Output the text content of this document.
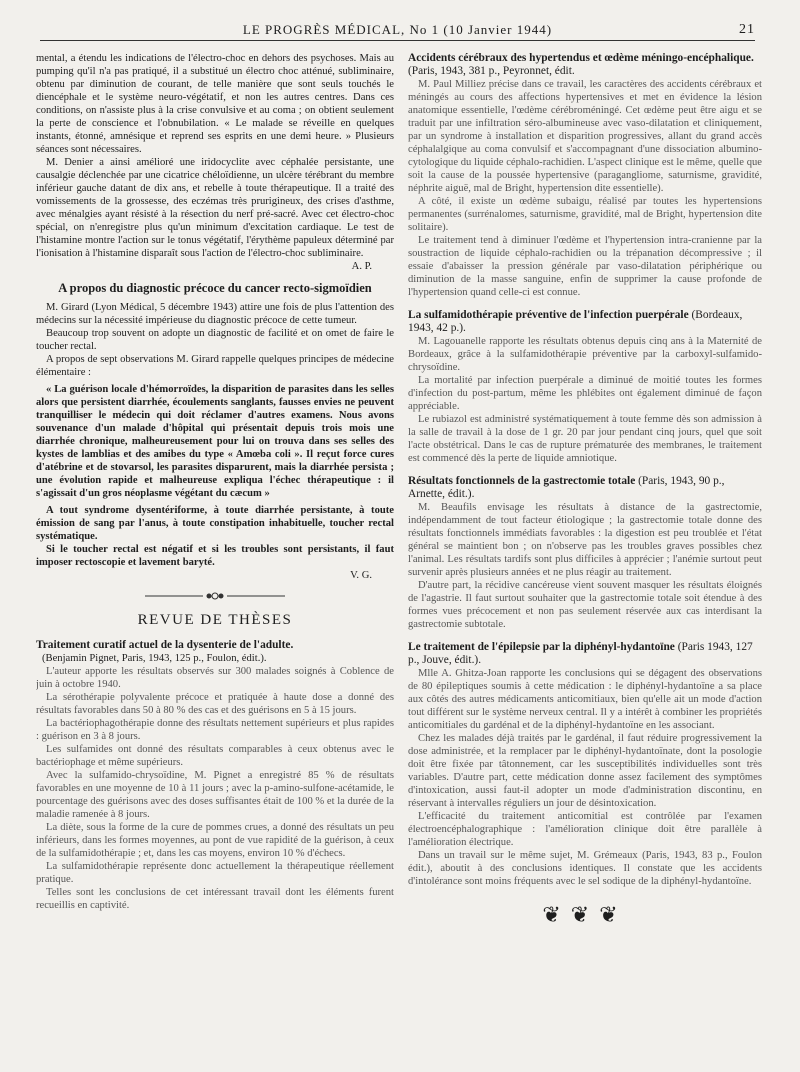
LE PROGRÈS MÉDICAL, No 1 (10 Janvier 1944)	21

mental, a étendu les indications de l'électro-choc en dehors des psychoses. Mais au pumping qu'il n'a pas pratiqué, il a substitué un électro choc atténué, subliminaire, obtenu par diminution de courant, de telle manière que sont seuls touchés le diencéphale et le système neuro-végétatif, et non les autres centres. Dans ces conditions, on n'assiste plus à la crise convulsive et au coma ; on obtient seulement la perte de conscience et l'obnubilation. « Le malade se réveille en quelques instants, étonné, amnésique et reprend ses esprits en une demi heure. » Plusieurs séances sont nécessaires.

M. Denier a ainsi amélioré une iridocyclite avec céphalée persistante, une causalgie déclenchée par une cicatrice chéloïdienne, un ulcère térébrant du membre inférieur gauche datant de dix ans, et rebelle à toute thérapeutique. Il a traité des vomissements de la grossesse, des eczémas très prurigineux, des crises d'asthme, avec ménalgies ayant résisté à la résection du nerf pré-sacré. Avec cet électro-choc spécial, on n'enregistre plus qu'un minimum d'excitation cardiaque. Le test de l'histamine montre l'action sur le tonus végétatif, l'érythème papuleux déterminé par l'ionisation à l'histamine disparaît sous l'action de l'électro-choc subliminaire.

A. P.
A propos du diagnostic précoce du cancer recto-sigmoïdien

M. Girard (Lyon Médical, 5 décembre 1943) attire une fois de plus l'attention des médecins sur la nécessité impérieuse du diagnostic précoce de cette tumeur.

Beaucoup trop souvent on adopte un diagnostic de facilité et on omet de faire le toucher rectal.

A propos de sept observations M. Girard rappelle quelques principes de médecine élémentaire :

« La guérison locale d'hémorroïdes, la disparition de parasites dans les selles alors que persistent diarrhée, écoulements sanglants, fausses envies ne peuvent tranquilliser le médecin qui doit réclamer d'autres examens. Nous avons souvenance d'un malade d'hôpital qui présentait depuis trois mois une diarrhée chronique, malheureusement pour lui on trouva dans ses selles des kystes de lamblias et des amibes du type « Amœba coli ». Il reçut force cures d'atébrine et de stovarsol, les parasites disparurent, mais la diarrhée persista ; une évolution rapide et malheureuse expliqua l'échec thérapeutique : il s'agissait d'un gros néoplasme végétant du cæcum »

A tout syndrome dysentériforme, à toute diarrhée persistante, à toute émission de sang par l'anus, à toute constipation inhabituelle, toucher rectal systématique.

Si le toucher rectal est négatif et si les troubles sont persistants, il faut imposer rectoscopie et lavement baryté.

V. G.
REVUE DE THÈSES
Traitement curatif actuel de la dysenterie de l'adulte.

(Benjamin Pignet, Paris, 1943, 125 p., Foulon, édit.).

L'auteur apporte les résultats observés sur 300 malades soignés à Coblence de juin à octobre 1940.

La sérothérapie polyvalente précoce et pratiquée à haute dose a donné des résultats favorables dans 50 à 80 % des cas et des guérisons en 5 à 15 jours.

La bactériophagothérapie donne des résultats nettement supérieurs et plus rapides : guérison en 3 à 8 jours.

Les sulfamides ont donné des résultats comparables à ceux obtenus avec le bactériophage et même supérieurs.

Avec la sulfamido-chrysoïdine, M. Pignet a enregistré 85 % de résultats favorables en une moyenne de 10 à 11 jours ; avec la p-amino-sulfone-acétamide, le pourcentage des guérisons avec des doses suffisantes était de 100 % et la durée de la maladie ramenée à 8 jours.

La diète, sous la forme de la cure de pommes crues, a donné des résultats un peu inférieurs, dans les formes moyennes, au pont de vue rapidité de la guérison, à ceux de la sulfamidothérapie ; et, dans les cas moyens, environ 10 % d'échecs.

La sulfamidothérapie représente donc actuellement la thérapeutique réellement pratique.

Telles sont les conclusions de cet intéressant travail dont les éléments furent recueillis en captivité.

Accidents cérébraux des hypertendus et œdème méningo-encéphalique. (Paris, 1943, 381 p., Peyronnet, édit.

M. Paul Milliez précise dans ce travail, les caractères des accidents cérébraux et méningés au cours des affections hypertensives et met en évidence la lésion anatomique essentielle, l'œdème cérébroméningé. Cet œdème peut être aigu et se traduit par une infiltration séro-albumineuse avec vaso-dilatation et cliniquement, par un syndrome à installation et disparition progressives, allant du grand accès céphalalgique au coma convulsif et s'accompagnant d'une dissociation albumino-cytologique du liquide céphalo-rachidien. L'aspect clinique est le même, quelle que soit la cause de la poussée hypertensive (paragangliome, saturnisme, gravidité, néphrite aiguë, mal de Bright, hypertension dite essentielle).

A côté, il existe un œdème subaigu, réalisé par toutes les hypertensions permanentes (surrénalomes, saturnisme, gravidité, mal de Bright, hypertension dite solitaire).

Le traitement tend à diminuer l'œdème et l'hypertension intra-cranienne par la soustraction de liquide céphalo-rachidien ou la trépanation décompressive ; il essaie d'abaisser la pression générale par vaso-dilatation périphérique ou diminution de la masse sanguine, enfin de supprimer la cause profonde de l'hypertension quand celle-ci est connue.

La sulfamidothérapie préventive de l'infection puerpérale (Bordeaux, 1943, 42 p.).

M. Lagouanelle rapporte les résultats obtenus depuis cinq ans à la Maternité de Bordeaux, grâce à la sulfamidothérapie préventive par la carboxyl-sulfamido-chrysoïdine.

La mortalité par infection puerpérale a diminué de moitié toutes les formes d'infection du post-partum, même les phlébites ont également diminué de façon appréciable.

Le rubiazol est administré systématiquement à toute femme dès son admission à la salle de travail à la dose de 1 gr. 20 par jour pendant cinq jours, quel que soit l'acte obstétrical. Dans le cas de rupture prématurée des membranes, le traitement est commencé dès la perte de liquide amniotique.

Résultats fonctionnels de la gastrectomie totale (Paris, 1943, 90 p., Arnette, édit.).

M. Beaufils envisage les résultats à distance de la gastrectomie, indépendamment de tout facteur étiologique ; la gastrectomie totale donne des résultats fonctionnels immédiats favorables : la digestion est peu troublée et l'état général se maintient bon ; on n'observe pas les troubles graves possibles chez l'animal. Les résultats tardifs sont plus difficiles à apprécier ; l'anémie surtout peut survenir après plusieurs années et ne plus réagir au traitement.

D'autre part, la récidive cancéreuse vient souvent masquer les résultats éloignés de l'agastrie. Il faut surtout souhaiter que la gastrectomie totale soit étendue à des formes vues précocement et non pas seulement réservée aux cas interdisant la gastrectomie subtotale.

Le traitement de l'épilepsie par la diphényl-hydantoïne (Paris 1943, 127 p., Jouve, édit.).

Mlle A. Ghitza-Joan rapporte les conclusions qui se dégagent des observations de 80 épileptiques soumis à cette médication : le diphényl-hydantoïne a sa place aux côtés des autres médicaments anticomitiaux, bien qu'elle ait un mode d'action tout différent sur le système nerveux central. Il y a intérêt à combiner les propriétés anticomitiales du gardénal et de la diphényl-hydantoïne en les associant.

Chez les malades déjà traités par le gardénal, il faut réduire progressivement la dose administrée, et la remplacer par le diphényl-hydantoïnate, dont la posologie doit être fixée par tâtonnement, car les susceptibilités individuelles sont très variables. D'autre part, cette médication donne assez facilement des symptômes d'intoxication, aussi faut-il adopter un mode d'administration discontinu, en réservant à intervalles réguliers un jour de désintoxication.

L'efficacité du traitement anticomitial est contrôlée par l'examen électroencéphalographique : l'amélioration clinique doit être parallèle à l'amélioration électrique.

Dans un travail sur le même sujet, M. Grémeaux (Paris, 1943, 83 p., Foulon édit.), aboutit à des conclusions identiques. Il constate que les accidents d'intolérance sont moins fréquents avec le sel sodique de la diphényl-hydantoïne.

❦❦❦
